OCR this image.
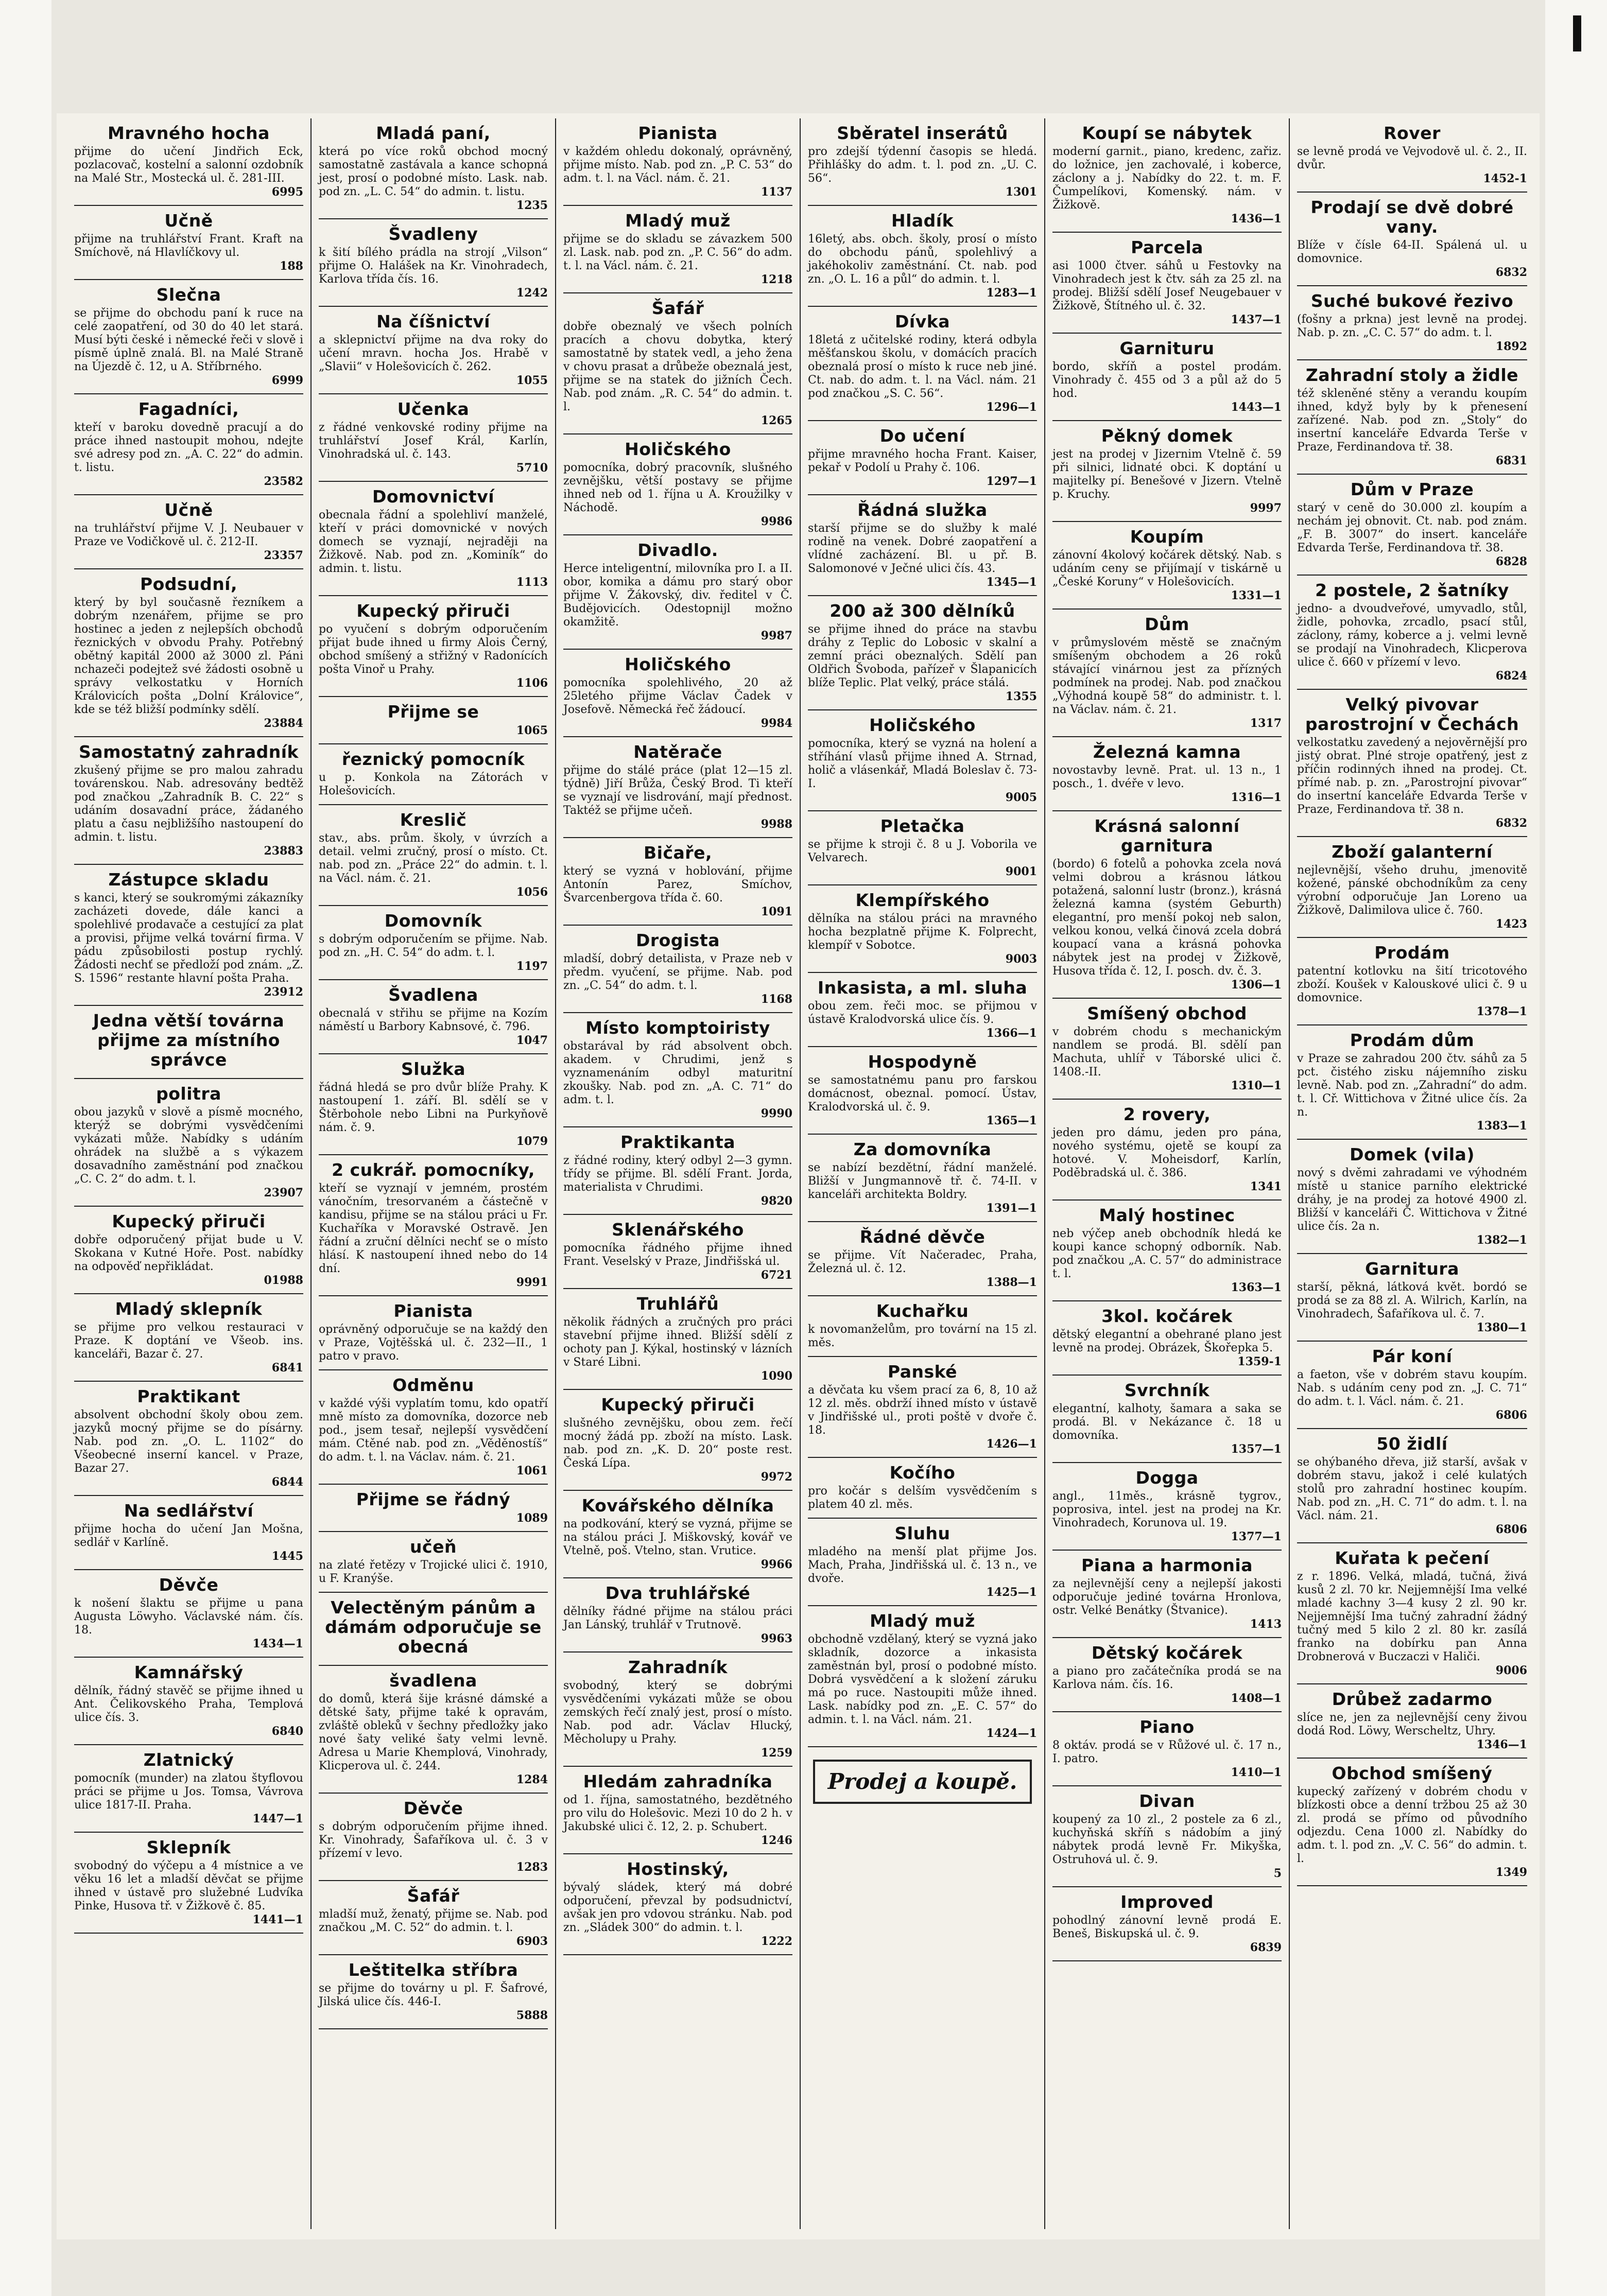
Mravného hocha
přijme do učení Jindřich Eck, pozlacovač, kostelní a salonní ozdobník na Malé Str., Mostecká ul. č. 281-III.
6995
Učně
přijme na truhlářství Frant. Kraft na Smíchově, ná Hlavlíčkovy ul.
188
Slečna
se přijme do obchodu paní k ruce na celé zaopatření, od 30 do 40 let stará. Musí býti české i německé řeči v slově i písmě úplně znalá. Bl. na Malé Straně na Újezdě č. 12, u A. Stříbrného.
6999
Fagadníci,
kteří v baroku dovedně pracují a do práce ihned nastoupit mohou, ndejte své adresy pod zn. „A. C. 22“ do admin. t. listu.
23582
Učně
na truhlářství přijme V. J. Neubauer v Praze ve Vodičkově ul. č. 212-II.
23357
Podsudní,
který by byl současně řezníkem a dobrým nzenářem, přijme se pro hostinec a jeden z nejlepších obchodů řeznických v obvodu Prahy. Potřebný obětný kapitál 2000 až 3000 zl. Páni nchazeči podejtež své žádosti osobně u správy velkostatku v Horních Královicích pošta „Dolní Královice“, kde se též bližší podmínky sdělí.
23884
Samostatný zahradník
zkušený přijme se pro malou zahradu továrenskou. Nab. adresovány bedtěž pod značkou „Zahradník B. C. 22“ s udáním dosavadní práce, žádaného platu a času nejbližšího nastoupení do admin. t. listu.
23883
Zástupce skladu
s kanci, který se soukromými zákazníky zacházeti dovede, dále kanci a spolehlivé prodavače a cestující za plat a provisi, přijme velká tovární firma. V pádu způsobilosti postup rychlý. Žádosti nechť se předloží pod znám. „Z. S. 1596“ restante hlavní pošta Praha.
23912
Jedna větší továrna přijme za místního správce
politra
obou jazyků v slově a písmě mocného, kterýž se dobrými vysvědčeními vykázati může. Nabídky s udáním ohrádek na službě a s výkazem dosavadního zaměstnání pod značkou „C. C. 2“ do adm. t. l.
23907
Kupecký přiruči
dobře odporučený přijat bude u V. Skokana v Kutné Hoře. Post. nabídky na odpověď nepřikládat.
01988
Mladý sklepník
se přijme pro velkou restauraci v Praze. K doptání ve Všeob. ins. kanceláři, Bazar č. 27.
6841
Praktikant
absolvent obchodní školy obou zem. jazyků mocný přijme se do písárny. Nab. pod zn. „O. L. 1102“ do Všeobecné inserní kancel. v Praze, Bazar 27.
6844
Na sedlářství
přijme hocha do učení Jan Mošna, sedlář v Karlíně.
1445
Děvče
k nošení šlaktu se přijme u pana Augusta Löwyho. Václavské nám. čís. 18.
1434—1
Kamnářský
dělník, řádný stavěč se přijme ihned u Ant. Čelikovského Praha, Templová ulice čís. 3.
6840
Zlatnický
pomocník (munder) na zlatou štyflovou práci se přijme u Jos. Tomsa, Vávrova ulice 1817-II. Praha.
1447—1
Sklepník
svobodný do výčepu a 4 místnice a ve věku 16 let a mladší děvčat se přijme ihned v ústavě pro služebné Ludvíka Pinke, Husova tř. v Žižkově č. 85.
1441—1
Mladá paní,
která po více roků obchod mocný samostatně zastávala a kance schopná jest, prosí o podobné místo. Lask. nab. pod zn. „L. C. 54“ do admin. t. listu.
1235
Švadleny
k šití bílého prádla na strojí „Vilson“ přijme O. Halášek na Kr. Vinohradech, Karlova třída čís. 16.
1242
Na číšnictví
a sklepnictví přijme na dva roky do učení mravn. hocha Jos. Hrabě v „Slavii“ v Holešovicích č. 262.
1055
Učenka
z řádné venkovské rodiny přijme na truhlářství Josef Král, Karlín, Vinohradská ul. č. 143.
5710
Domovnictví
obecnala řádní a spolehliví manželé, kteří v práci domovnické v nových domech se vyznají, nejraději na Žižkově. Nab. pod zn. „Kominík“ do admin. t. listu.
1113
Kupecký přiruči
po vyučení s dobrým odporučením přijat bude ihned u firmy Alois Černý, obchod smíšený a střižný v Radonících pošta Vinoř u Prahy.
1106
Přijme se
1065
řeznický pomocník
u p. Konkola na Zátorách v Holešovicích.
Kreslič
stav., abs. prům. školy, v úvrzích a detail. velmi zručný, prosí o místo. Ct. nab. pod zn. „Práce 22“ do admin. t. l. na Václ. nám. č. 21.
1056
Domovník
s dobrým odporučením se přijme. Nab. pod zn. „H. C. 54“ do adm. t. l.
1197
Švadlena
obecnalá v střihu se přijme na Kozím náměstí u Barbory Kabnsové, č. 796.
1047
Služka
řádná hledá se pro dvůr blíže Prahy. K nastoupení 1. září. Bl. sdělí se v Štěrbohole nebo Libni na Purkyňově nám. č. 9.
1079
2 cukrář. pomocníky,
kteří se vyznají v jemném, prostém vánočním, tresorvaném a částečně v kandisu, přijme se na stálou práci u Fr. Kuchaříka v Moravské Ostravě. Jen řádní a zruční dělníci nechť se o místo hlásí. K nastoupení ihned nebo do 14 dní.
9991
Pianista
oprávněný odporučuje se na každý den v Praze, Vojtěšská ul. č. 232—II., 1 patro v pravo.
Odměnu
v každé výši vyplatím tomu, kdo opatří mně místo za domovníka, dozorce neb pod., jsem tesař, nejlepší vysvědčení mám. Ctěné nab. pod zn. „Věděnostíš“ do adm. t. l. na Václav. nám. č. 21.
1061
Přijme se řádný
1089
učeň
na zlaté řetězy v Trojické ulici č. 1910, u F. Kranýše.
Velectěným pánům a dámám odporučuje se obecná
švadlena
do domů, která šije krásné dámské a dětské šaty, přijme také k opravám, zvláště obleků v šechny předložky jako nové šaty veliké šaty velmi levně. Adresa u Marie Khemplová, Vinohrady, Klicperova ul. č. 244.
1284
Děvče
s dobrým odporučením přijme ihned. Kr. Vinohrady, Šafaříkova ul. č. 3 v přízemí v levo.
1283
Šafář
mladší muž, ženatý, přijme se. Nab. pod značkou „M. C. 52“ do admin. t. l.
6903
Leštitelka stříbra
se přijme do továrny u pl. F. Šafrové, Jilská ulice čís. 446-I.
5888
Pianista
v každém ohledu dokonalý, oprávněný, přijme místo. Nab. pod zn. „P. C. 53“ do adm. t. l. na Václ. nám. č. 21.
1137
Mladý muž
přijme se do skladu se závazkem 500 zl. Lask. nab. pod zn. „P. C. 56“ do adm. t. l. na Václ. nám. č. 21.
1218
Šafář
dobře obeznalý ve všech polních pracích a chovu dobytka, který samostatně by statek vedl, a jeho žena v chovu prasat a drůbeže obeznalá jest, přijme se na statek do jižních Čech. Nab. pod znám. „R. C. 54“ do admin. t. l.
1265
Holičského
pomocníka, dobrý pracovník, slušného zevnějšku, větší postavy se přijme ihned neb od 1. října u A. Kroužilky v Náchodě.
9986
Divadlo.
Herce inteligentní, milovníka pro I. a II. obor, komika a dámu pro starý obor přijme V. Žákovský, div. ředitel v Č. Budějovicích. Odestopnijl možno okamžitě.
9987
Holičského
pomocníka spolehlivého, 20 až 25letého přijme Václav Čadek v Josefově. Německá řeč žádoucí.
9984
Natěrače
přijme do stálé práce (plat 12—15 zl. týdně) Jiří Brůža, Český Brod. Ti kteří se vyznají ve lisdrování, mají přednost. Taktéž se přijme učeň.
9988
Bičaře,
který se vyzná v hoblování, přijme Antonín Parez, Smíchov, Švarcenbergova třída č. 60.
1091
Drogista
mladší, dobrý detailista, v Praze neb v předm. vyučení, se přijme. Nab. pod zn. „C. 54“ do adm. t. l.
1168
Místo komptoiristy
obstarával by rád absolvent obch. akadem. v Chrudimi, jenž s vyznamenáním odbyl maturitní zkoušky. Nab. pod zn. „A. C. 71“ do adm. t. l.
9990
Praktikanta
z řádné rodiny, který odbyl 2—3 gymn. třídy se přijme. Bl. sdělí Frant. Jorda, materialista v Chrudimi.
9820
Sklenářského
pomocníka řádného přijme ihned Frant. Veselský v Praze, Jindřišská ul.
6721
Truhlářů
několik řádných a zručných pro práci stavební přijme ihned. Bližší sdělí z ochoty pan J. Kýkal, hostinský v lázních v Staré Libni.
1090
Kupecký přiruči
slušného zevnějšku, obou zem. řečí mocný žádá pp. zboží na místo. Lask. nab. pod zn. „K. D. 20“ poste rest. Česká Lípa.
9972
Kovářského dělníka
na podkování, který se vyzná, přijme se na stálou práci J. Miškovský, kovář ve Vtelně, poš. Vtelno, stan. Vrutice.
9966
Dva truhlářské
dělníky řádné přijme na stálou práci Jan Lánský, truhlář v Trutnově.
9963
Zahradník
svobodný, který se dobrými vysvědčeními vykázati může se obou zemských řečí znalý jest, prosí o místo. Nab. pod adr. Václav Hlucký, Měcholupy u Prahy.
1259
Hledám zahradníka
od 1. října, samostatného, bezdětného pro vilu do Holešovic. Mezi 10 do 2 h. v Jakubské ulici č. 12, 2. p. Schubert.
1246
Hostinský,
bývalý sládek, který má dobré odporučení, převzal by podsudnictví, avšak jen pro vdovou stránku. Nab. pod zn. „Sládek 300“ do admin. t. l.
1222
Sběratel inserátů
pro zdejší týdenní časopis se hledá. Přihlášky do adm. t. l. pod zn. „U. C. 56“.
1301
Hladík
16letý, abs. obch. školy, prosí o místo do obchodu pánů, spolehlivý a jakéhokoliv zaměstnání. Ct. nab. pod zn. „O. L. 16 a půl“ do admin. t. l.
1283—1
Dívka
18letá z učitelské rodiny, která odbyla měšťanskou školu, v domácích pracích obeznalá prosí o místo k ruce neb jiné. Ct. nab. do adm. t. l. na Václ. nám. 21 pod značkou „S. C. 56“.
1296—1
Do učení
přijme mravného hocha Frant. Kaiser, pekař v Podolí u Prahy č. 106.
1297—1
Řádná služka
starší přijme se do služby k malé rodině na venek. Dobré zaopatření a vlídné zacházení. Bl. u př. B. Salomonové v Ječné ulici čís. 43.
1345—1
200 až 300 dělníků
se přijme ihned do práce na stavbu dráhy z Teplic do Lobosic v skalní a zemní práci obeznalých. Sdělí pan Oldřich Švoboda, pařízeř v Šlapanicích blíže Teplic. Plat velký, práce stálá.
1355
Holičského
pomocníka, který se vyzná na holení a stříhání vlasů přijme ihned A. Strnad, holič a vlásenkář, Mladá Boleslav č. 73-I.
9005
Pletačka
se přijme k stroji č. 8 u J. Voborila ve Velvarech.
9001
Klempířského
dělníka na stálou práci na mravného hocha bezplatně přijme K. Folprecht, klempíř v Sobotce.
9003
Inkasista, a ml. sluha
obou zem. řeči moc. se přijmou v ústavě Kralodvorská ulice čís. 9.
1366—1
Hospodyně
se samostatnému panu pro farskou domácnost, obeznal. pomocí. Ústav, Kralodvorská ul. č. 9.
1365—1
Za domovníka
se nabízí bezdětní, řádní manželé. Bližší v Jungmannově tř. č. 74-II. v kanceláři architekta Boldry.
1391—1
Řádné děvče
se přijme. Vít Načeradec, Praha, Železná ul. č. 12.
1388—1
Kuchařku
k novomanželům, pro tovární na 15 zl. měs.
Panské
a děvčata ku všem prací za 6, 8, 10 až 12 zl. měs. obdrží ihned místo v ústavě v Jindřišské ul., proti poště v dvoře č. 18.
1426—1
Kočího
pro kočár s delším vysvědčením s platem 40 zl. měs.
Sluhu
mladého na menší plat přijme Jos. Mach, Praha, Jindřišská ul. č. 13 n., ve dvoře.
1425—1
Mladý muž
obchodně vzdělaný, který se vyzná jako skladník, dozorce a inkasista zaměstnán byl, prosí o podobné místo. Dobrá vysvědčení a k složení záruku má po ruce. Nastoupiti může ihned. Lask. nabídky pod zn. „E. C. 57“ do admin. t. l. na Václ. nám. 21.
1424—1
Prodej a koupě.
Koupí se nábytek
moderní garnit., piano, kredenc, zařiz. do ložnice, jen zachovalé, i koberce, záclony a j. Nabídky do 22. t. m. F. Čumpelíkovi, Komenský. nám. v Žižkově.
1436—1
Parcela
asi 1000 čtver. sáhů u Festovky na Vinohradech jest k čtv. sáh za 25 zl. na prodej. Bližší sdělí Josef Neugebauer v Žižkově, Štítného ul. č. 32.
1437—1
Garnituru
bordo, skříň a postel prodám. Vinohrady č. 455 od 3 a půl až do 5 hod.
1443—1
Pěkný domek
jest na prodej v Jizernim Vtelně č. 59 při silnici, lidnaté obci. K doptání u majitelky pí. Benešové v Jizern. Vtelně p. Kruchy.
9997
Koupím
zánovní 4kolový kočárek dětský. Nab. s udáním ceny se přijímají v tiskárně u „České Koruny“ v Holešovicích.
1331—1
Dům
v průmyslovém městě se značným smíšeným obchodem a 26 roků stávající vinárnou jest za přízných podmínek na prodej. Nab. pod značkou „Výhodná koupě 58“ do administr. t. l. na Václav. nám. č. 21.
1317
Železná kamna
novostavby levně. Prat. ul. 13 n., 1 posch., 1. dvéře v levo.
1316—1
Krásná salonní garnitura
(bordo) 6 fotelů a pohovka zcela nová velmi dobrou a krásnou látkou potažená, salonní lustr (bronz.), krásná železná kamna (systém Geburth) elegantní, pro menší pokoj neb salon, velkou konou, velká činová zcela dobrá koupací vana a krásná pohovka nábytek jest na prodej v Žižkově, Husova třída č. 12, I. posch. dv. č. 3.
1306—1
Smíšený obchod
v dobrém chodu s mechanickým nandlem se prodá. Bl. sdělí pan Machuta, uhlíř v Táborské ulici č. 1408.-II.
1310—1
2 rovery,
jeden pro dámu, jeden pro pána, nového systému, ojetě se koupí za hotové. V. Moheisdorf, Karlín, Poděbradská ul. č. 386.
1341
Malý hostinec
neb výčep aneb obchodník hledá ke koupi kance schopný odborník. Nab. pod značkou „A. C. 57“ do administrace t. l.
1363—1
3kol. kočárek
dětský elegantní a obehrané plano jest levně na prodej. Obrázek, Škořepka 5.
1359-1
Svrchník
elegantní, kalhoty, šamara a saka se prodá. Bl. v Nekázance č. 18 u domovníka.
1357—1
Dogga
angl., 11měs., krásně tygrov., poprosiva, intel. jest na prodej na Kr. Vinohradech, Korunova ul. 19.
1377—1
Piana a harmonia
za nejlevnější ceny a nejlepší jakosti odporučuje jediné továrna Hronlova, ostr. Velké Benátky (Štvanice).
1413
Dětský kočárek
a piano pro začátečníka prodá se na Karlova nám. čís. 16.
1408—1
Piano
8 oktáv. prodá se v Růžové ul. č. 17 n., I. patro.
1410—1
Divan
koupený za 10 zl., 2 postele za 6 zl., kuchyňská skříň s nádobím a jiný nábytek prodá levně Fr. Mikyška, Ostruhová ul. č. 9.
5
Improved
pohodlný zánovní levně prodá E. Beneš, Biskupská ul. č. 9.
6839
Rover
se levně prodá ve Vejvodově ul. č. 2., II. dvůr.
1452-1
Prodají se dvě dobré vany.
Blíže v čísle 64-II. Spálená ul. u domovnice.
6832
Suché bukové řezivo
(fošny a prkna) jest levně na prodej. Nab. p. zn. „C. C. 57“ do adm. t. l.
1892
Zahradní stoly a židle
též skleněné stěny a verandu koupím ihned, když byly by k přenesení zařízené. Nab. pod zn. „Stoly“ do insertní kanceláře Edvarda Terše v Praze, Ferdinandova tř. 38.
6831
Dům v Praze
starý v ceně do 30.000 zl. koupím a nechám jej obnovit. Ct. nab. pod znám. „F. B. 3007“ do insert. kanceláře Edvarda Terše, Ferdinandova tř. 38.
6828
2 postele, 2 šatníky
jedno- a dvoudveřové, umyvadlo, stůl, židle, pohovka, zrcadlo, psací stůl, záclony, rámy, koberce a j. velmi levně se prodají na Vinohradech, Klicperova ulice č. 660 v přízemí v levo.
6824
Velký pivovar parostrojní v Čechách
velkostatku zavedený a nejověrnější pro jistý obrat. Plné stroje opatřený, jest z příčin rodinných ihned na prodej. Ct. přímé nab. p. zn. „Parostrojní pivovar“ do insertní kanceláře Edvarda Terše v Praze, Ferdinandova tř. 38 n.
6832
Zboží galanterní
nejlevnější, všeho druhu, jmenovitě kožené, pánské obchodníkům za ceny výrobní odporučuje Jan Loreno ua Žižkově, Dalimilova ulice č. 760.
1423
Prodám
patentní kotlovku na šití tricotového zboží. Koušek v Kalouskové ulici č. 9 u domovnice.
1378—1
Prodám dům
v Praze se zahradou 200 čtv. sáhů za 5 pct. čistého zisku nájemního zisku levně. Nab. pod zn. „Zahradní“ do adm. t. l. Cř. Wittichova v Žitné ulice čís. 2a n.
1383—1
Domek (vila)
nový s dvěmi zahradami ve výhodném místě u stanice parního elektrické dráhy, je na prodej za hotové 4900 zl. Bližší v kanceláři Č. Wittichova v Žitné ulice čís. 2a n.
1382—1
Garnitura
starší, pěkná, látková květ. bordó se prodá se za 88 zl. A. Wilrich, Karlín, na Vinohradech, Šafaříkova ul. č. 7.
1380—1
Pár koní
a faeton, vše v dobrém stavu koupím. Nab. s udáním ceny pod zn. „J. C. 71“ do adm. t. l. Václ. nám. č. 21.
6806
50 židlí
se ohýbaného dřeva, již starší, avšak v dobrém stavu, jakož i celé kulatých stolů pro zahradní hostinec koupím. Nab. pod zn. „H. C. 71“ do adm. t. l. na Václ. nám. 21.
6806
Kuřata k pečení
z r. 1896. Velká, mladá, tučná, živá kusů 2 zl. 70 kr. Nejjemnější Ima velké mladé kachny 3—4 kusy 2 zl. 90 kr. Nejjemnější Ima tučný zahradní žádný tučný med 5 kilo 2 zl. 80 kr. zasílá franko na dobírku pan Anna Drobnerová v Buczaczi v Haliči.
9006
Drůbež zadarmo
slíce ne, jen za nejlevnější ceny živou dodá Rod. Löwy, Werscheltz, Uhry.
1346—1
Obchod smíšený
kupecký zařízený v dobrém chodu v blízkosti obce a denní tržbou 25 až 30 zl. prodá se přímo od původního odjezdu. Cena 1000 zl. Nabídky do adm. t. l. pod zn. „V. C. 56“ do admin. t. l.
1349
